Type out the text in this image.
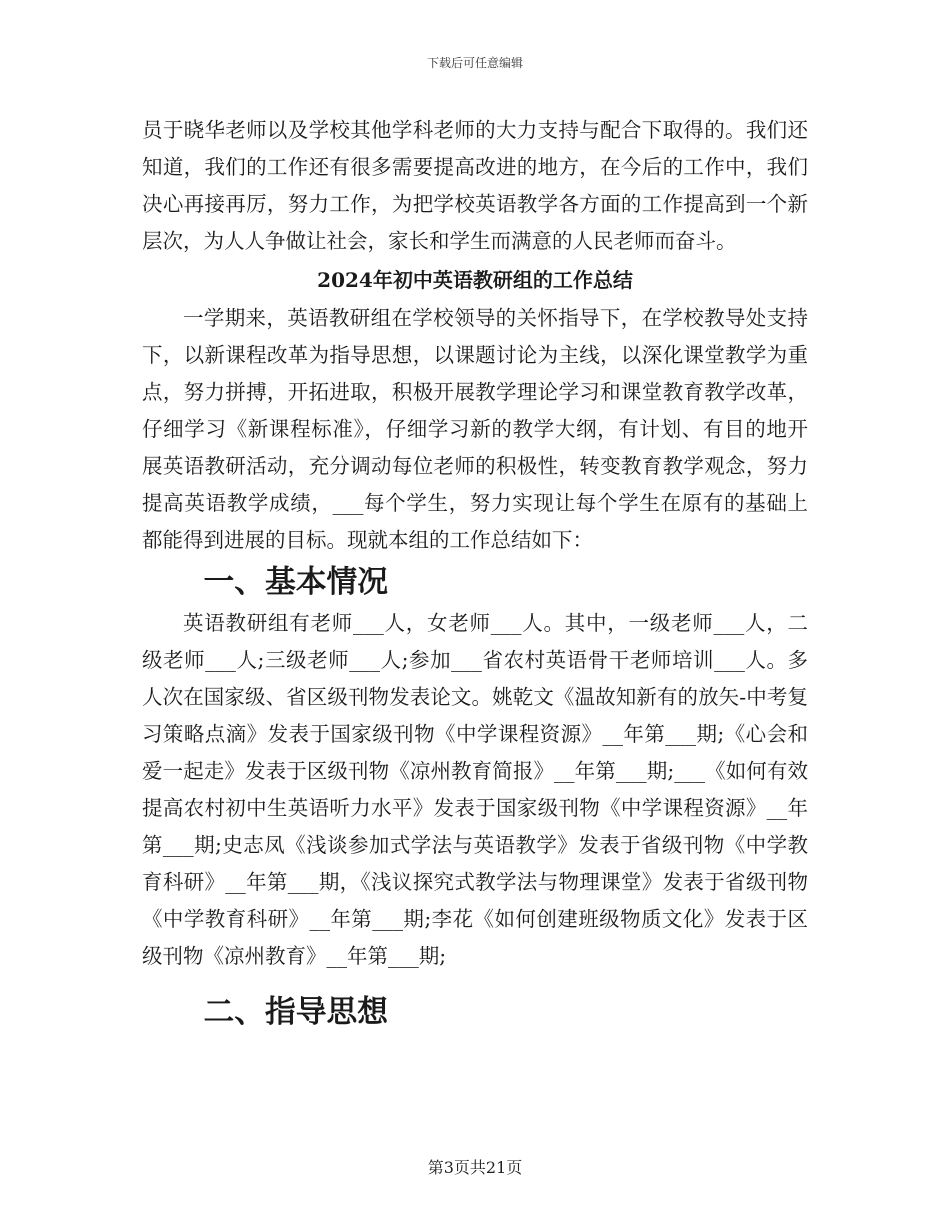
下载后可任意编辑

员于晓华老师以及学校其他学科老师的大力支持与配合下取得的。我们还知道，我们的工作还有很多需要提高改进的地方，在今后的工作中，我们决心再接再厉，努力工作，为把学校英语教学各方面的工作提高到一个新层次，为人人争做让社会，家长和学生而满意的人民老师而奋斗。

2024年初中英语教研组的工作总结

一学期来，英语教研组在学校领导的关怀指导下，在学校教导处支持下，以新课程改革为指导思想，以课题讨论为主线，以深化课堂教学为重点，努力拼搏，开拓进取，积极开展教学理论学习和课堂教育教学改革，仔细学习《新课程标准》，仔细学习新的教学大纲，有计划、有目的地开展英语教研活动，充分调动每位老师的积极性，转变教育教学观念，努力提高英语教学成绩，___每个学生，努力实现让每个学生在原有的基础上都能得到进展的目标。现就本组的工作总结如下：

一、基本情况

英语教研组有老师___人，女老师___人。其中，一级老师___人，二级老师___人;三级老师___人;参加___省农村英语骨干老师培训___人。多人次在国家级、省区级刊物发表论文。姚乾文《温故知新有的放矢-中考复习策略点滴》发表于国家级刊物《中学课程资源》__年第___期;《心会和爱一起走》发表于区级刊物《凉州教育简报》__年第___期;___《如何有效提高农村初中生英语听力水平》发表于国家级刊物《中学课程资源》__年第___期;史志凤《浅谈参加式学法与英语教学》发表于省级刊物《中学教育科研》__年第___期，《浅议探究式教学法与物理课堂》发表于省级刊物《中学教育科研》__年第___期;李花《如何创建班级物质文化》发表于区级刊物《凉州教育》__年第___期;

二、指导思想
第3页共21页
